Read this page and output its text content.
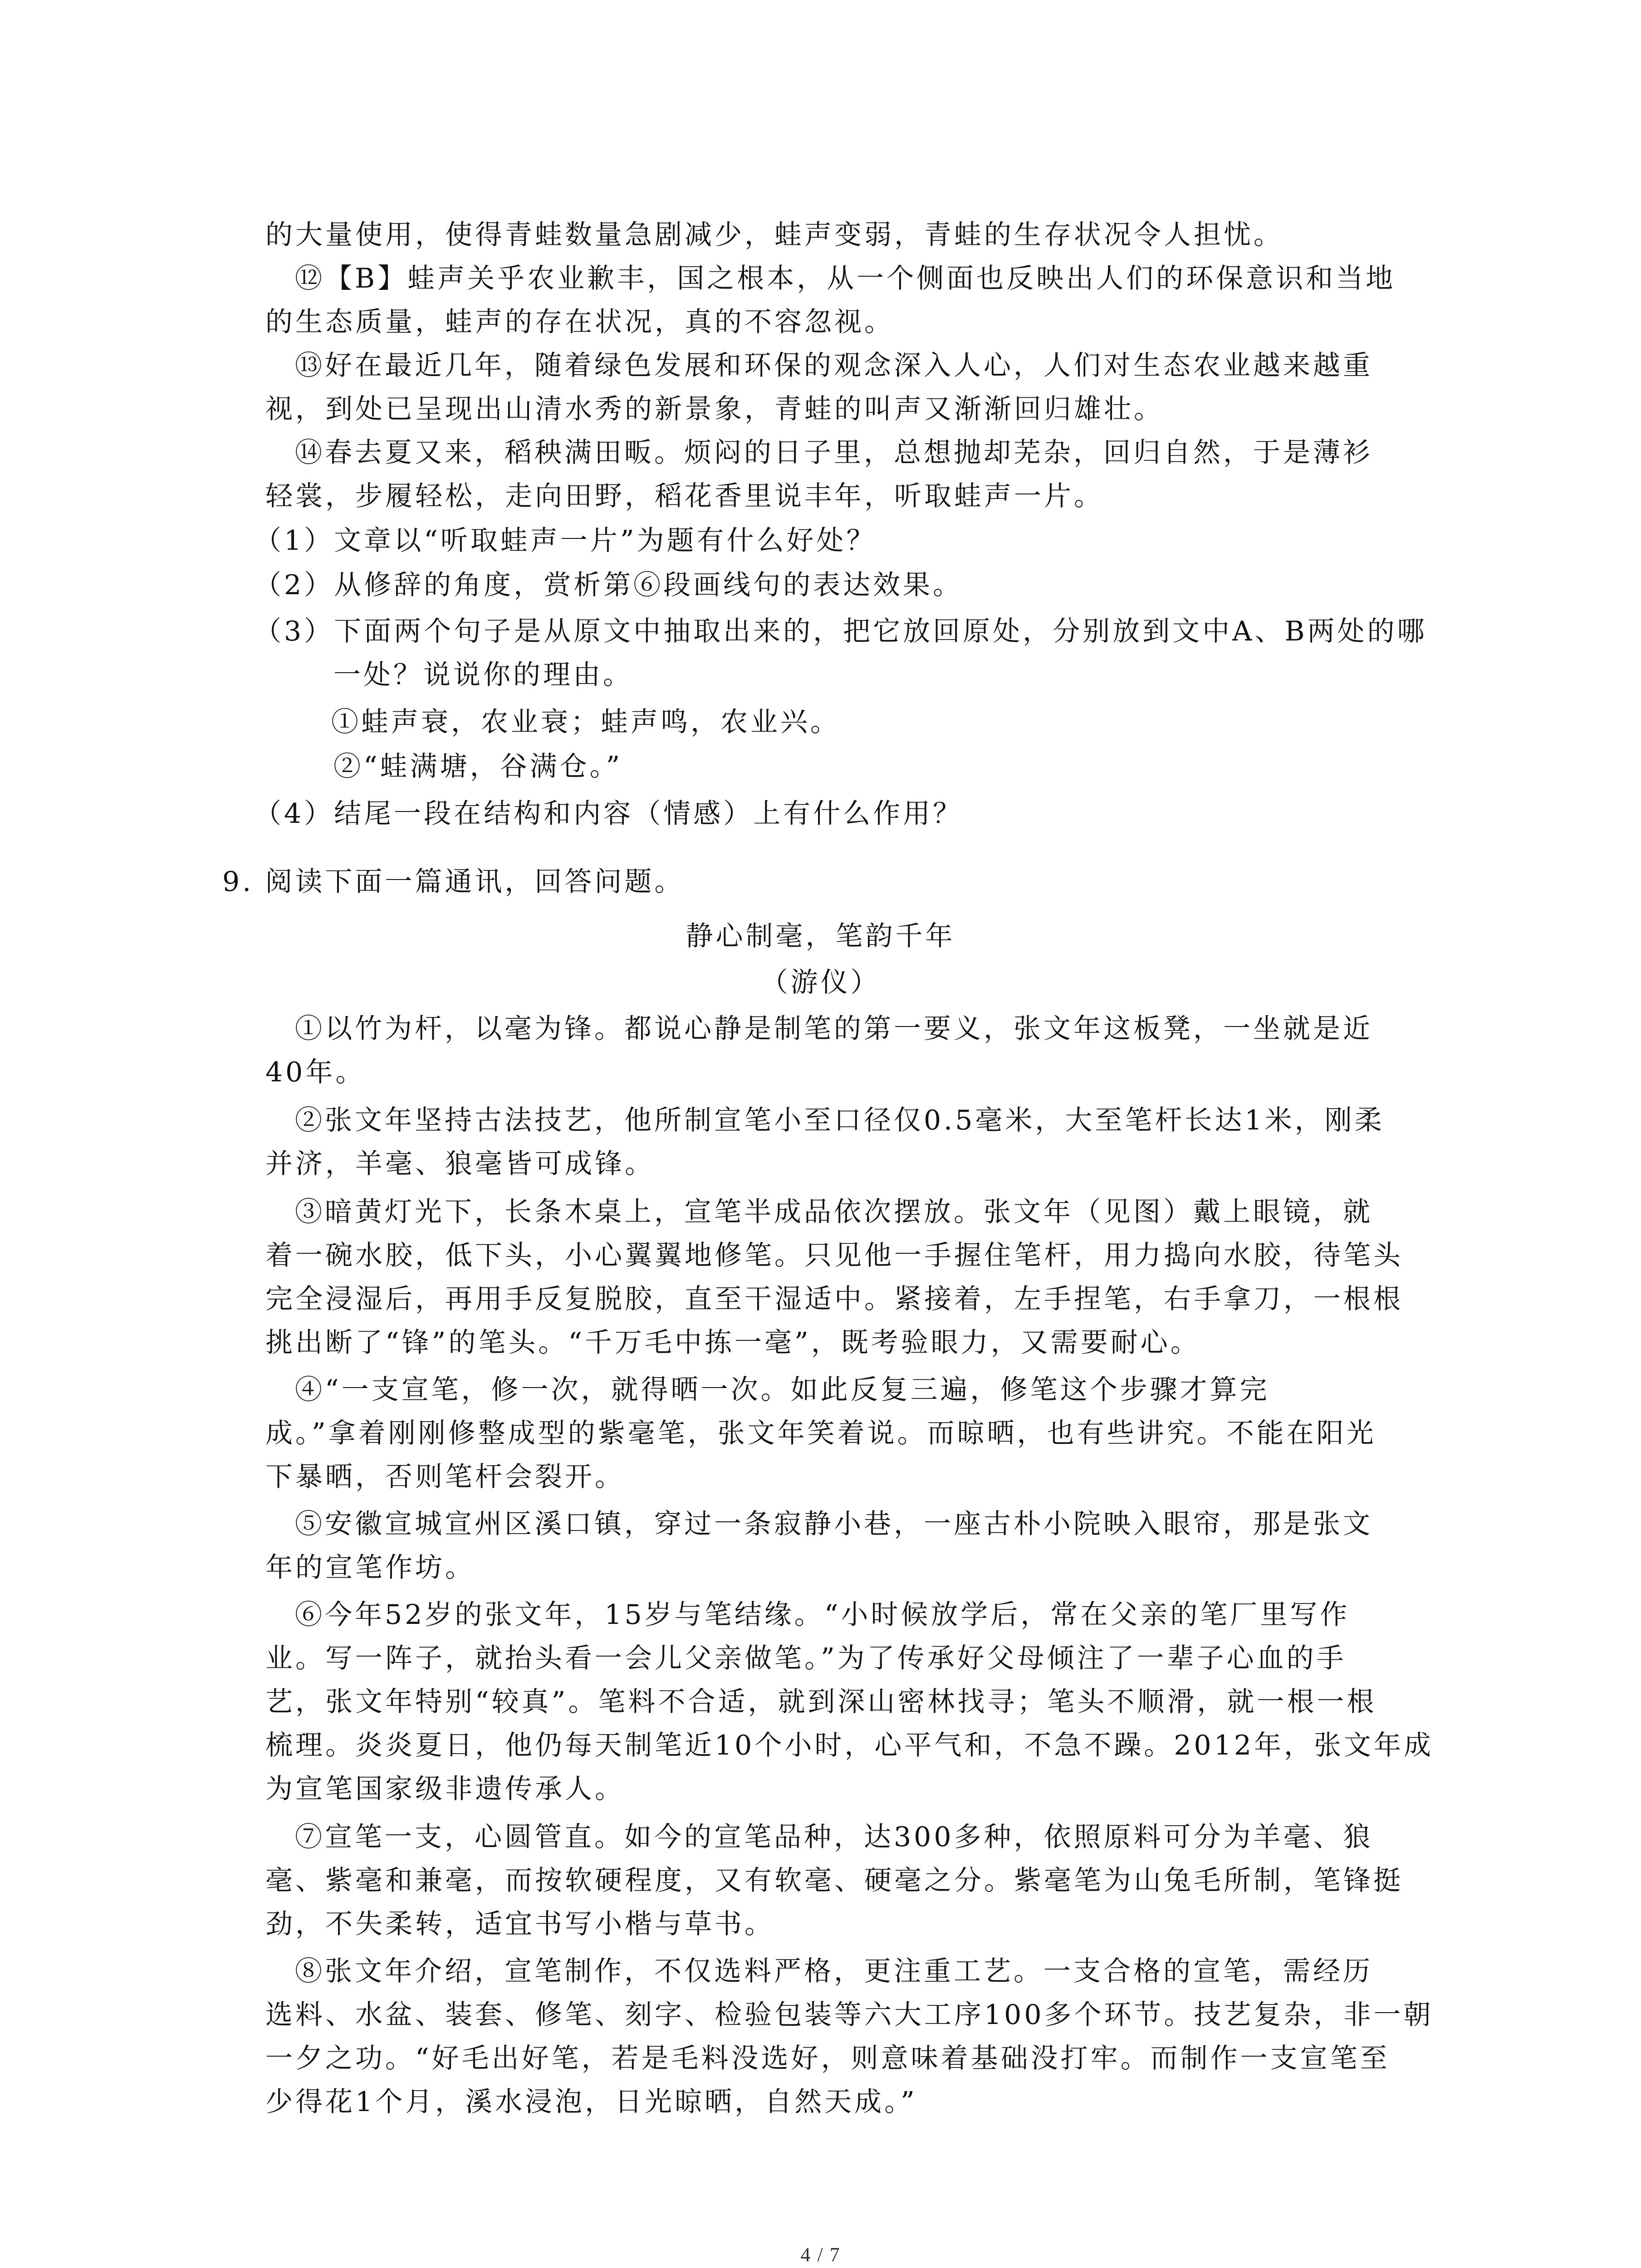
的大量使用，使得青蛙数量急剧减少，蛙声变弱，青蛙的生存状况令人担忧。
⑫【B】蛙声关乎农业歉丰，国之根本，从一个侧面也反映出人们的环保意识和当地
的生态质量，蛙声的存在状况，真的不容忽视。
⑬好在最近几年，随着绿色发展和环保的观念深入人心，人们对生态农业越来越重
视，到处已呈现出山清水秀的新景象，青蛙的叫声又渐渐回归雄壮。
⑭春去夏又来，稻秧满田畈。烦闷的日子里，总想抛却芜杂，回归自然，于是薄衫
轻裳，步履轻松，走向田野，稻花香里说丰年，听取蛙声一片。
（1）文章以“听取蛙声一片”为题有什么好处？
（2）从修辞的角度，赏析第⑥段画线句的表达效果。
（3）下面两个句子是从原文中抽取出来的，把它放回原处，分别放到文中A、B两处的哪
一处？说说你的理由。
①蛙声衰，农业衰；蛙声鸣，农业兴。
②“蛙满塘，谷满仓。”
（4）结尾一段在结构和内容（情感）上有什么作用？
9. 阅读下面一篇通讯，回答问题。
静心制毫，笔韵千年
（游仪）
①以竹为杆，以毫为锋。都说心静是制笔的第一要义，张文年这板凳，一坐就是近
40年。
②张文年坚持古法技艺，他所制宣笔小至口径仅0.5毫米，大至笔杆长达1米，刚柔
并济，羊毫、狼毫皆可成锋。
③暗黄灯光下，长条木桌上，宣笔半成品依次摆放。张文年（见图）戴上眼镜，就
着一碗水胶，低下头，小心翼翼地修笔。只见他一手握住笔杆，用力捣向水胶，待笔头
完全浸湿后，再用手反复脱胶，直至干湿适中。紧接着，左手捏笔，右手拿刀，一根根
挑出断了“锋”的笔头。“千万毛中拣一毫”，既考验眼力，又需要耐心。
④“一支宣笔，修一次，就得晒一次。如此反复三遍，修笔这个步骤才算完
成。”拿着刚刚修整成型的紫毫笔，张文年笑着说。而晾晒，也有些讲究。不能在阳光
下暴晒，否则笔杆会裂开。
⑤安徽宣城宣州区溪口镇，穿过一条寂静小巷，一座古朴小院映入眼帘，那是张文
年的宣笔作坊。
⑥今年52岁的张文年，15岁与笔结缘。“小时候放学后，常在父亲的笔厂里写作
业。写一阵子，就抬头看一会儿父亲做笔。”为了传承好父母倾注了一辈子心血的手
艺，张文年特别“较真”。笔料不合适，就到深山密林找寻；笔头不顺滑，就一根一根
梳理。炎炎夏日，他仍每天制笔近10个小时，心平气和，不急不躁。2012年，张文年成
为宣笔国家级非遗传承人。
⑦宣笔一支，心圆管直。如今的宣笔品种，达300多种，依照原料可分为羊毫、狼
毫、紫毫和兼毫，而按软硬程度，又有软毫、硬毫之分。紫毫笔为山兔毛所制，笔锋挺
劲，不失柔转，适宜书写小楷与草书。
⑧张文年介绍，宣笔制作，不仅选料严格，更注重工艺。一支合格的宣笔，需经历
选料、水盆、装套、修笔、刻字、检验包装等六大工序100多个环节。技艺复杂，非一朝
一夕之功。“好毛出好笔，若是毛料没选好，则意味着基础没打牢。而制作一支宣笔至
少得花1个月，溪水浸泡，日光晾晒，自然天成。”
4 / 7
